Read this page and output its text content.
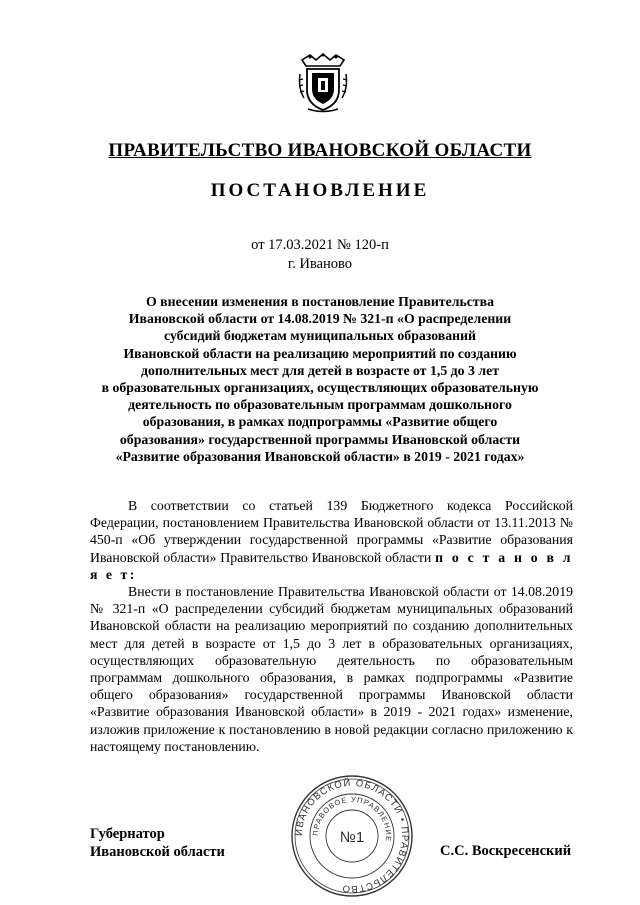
ПРАВИТЕЛЬСТВО ИВАНОВСКОЙ ОБЛАСТИ
ПОСТАНОВЛЕНИЕ
от 17.03.2021 № 120-п
г. Иваново
О внесении изменения в постановление Правительства
Ивановской области от 14.08.2019 № 321-п «О распределении
субсидий бюджетам муниципальных образований
Ивановской области на реализацию мероприятий по созданию
дополнительных мест для детей в возрасте от 1,5 до 3 лет
в образовательных организациях, осуществляющих образовательную
деятельность по образовательным программам дошкольного
образования, в рамках подпрограммы «Развитие общего
образования» государственной программы Ивановской области
«Развитие образования Ивановской области» в 2019 - 2021 годах»

В соответствии со статьей 139 Бюджетного кодекса Российской Федерации, постановлением Правительства Ивановской области от 13.11.2013 № 450-п «Об утверждении государственной программы «Развитие образования Ивановской области» Правительство Ивановской области п о с т а н о в л я е т:

Внести в постановление Правительства Ивановской области от 14.08.2019 № 321-п «О распределении субсидий бюджетам муниципальных образований Ивановской области на реализацию мероприятий по созданию дополнительных мест для детей в возрасте от 1,5 до 3 лет в образовательных организациях, осуществляющих образовательную деятельность по образовательным программам дошкольного образования, в рамках подпрограммы «Развитие общего образования» государственной программы Ивановской области «Развитие образования Ивановской области» в 2019 - 2021 годах» изменение, изложив приложение к постановлению в новой редакции согласно приложению к настоящему постановлению.

ИВАНОВСКОЙ ОБЛАСТИ • ПРАВИТЕЛЬСТВО
ПРАВОВОЕ УПРАВЛЕНИЕ
№1
Губернатор
Ивановской области	С.С. Воскресенский
